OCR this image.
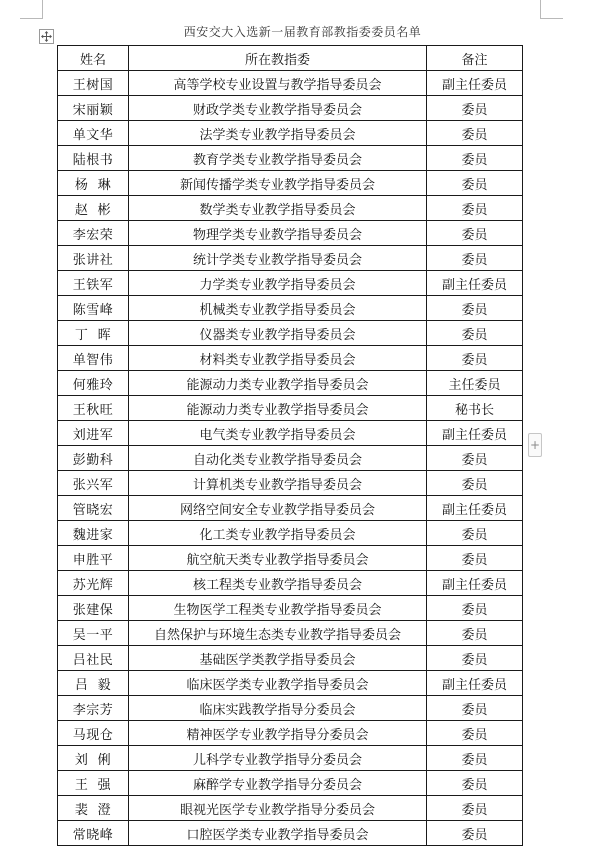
西安交大入选新一届教育部教指委委员名单
姓名	所在教指委	备注
王树国	高等学校专业设置与教学指导委员会	副主任委员
宋丽颖	财政学类专业教学指导委员会	委员
单文华	法学类专业教学指导委员会	委员
陆根书	教育学类专业教学指导委员会	委员
杨  琳	新闻传播学类专业教学指导委员会	委员
赵  彬	数学类专业教学指导委员会	委员
李宏荣	物理学类专业教学指导委员会	委员
张讲社	统计学类专业教学指导委员会	委员
王铁军	力学类专业教学指导委员会	副主任委员
陈雪峰	机械类专业教学指导委员会	委员
丁  晖	仪器类专业教学指导委员会	委员
单智伟	材料类专业教学指导委员会	委员
何雅玲	能源动力类专业教学指导委员会	主任委员
王秋旺	能源动力类专业教学指导委员会	秘书长
刘进军	电气类专业教学指导委员会	副主任委员
彭勤科	自动化类专业教学指导委员会	委员
张兴军	计算机类专业教学指导委员会	委员
管晓宏	网络空间安全专业教学指导委员会	副主任委员
魏进家	化工类专业教学指导委员会	委员
申胜平	航空航天类专业教学指导委员会	委员
苏光辉	核工程类专业教学指导委员会	副主任委员
张建保	生物医学工程类专业教学指导委员会	委员
吴一平	自然保护与环境生态类专业教学指导委员会	委员
吕社民	基础医学类教学指导委员会	委员
吕  毅	临床医学类专业教学指导委员会	副主任委员
李宗芳	临床实践教学指导分委员会	委员
马现仓	精神医学专业教学指导分委员会	委员
刘  俐	儿科学专业教学指导分委员会	委员
王  强	麻醉学专业教学指导分委员会	委员
裴  澄	眼视光医学专业教学指导分委员会	委员
常晓峰	口腔医学类专业教学指导委员会	委员
+
